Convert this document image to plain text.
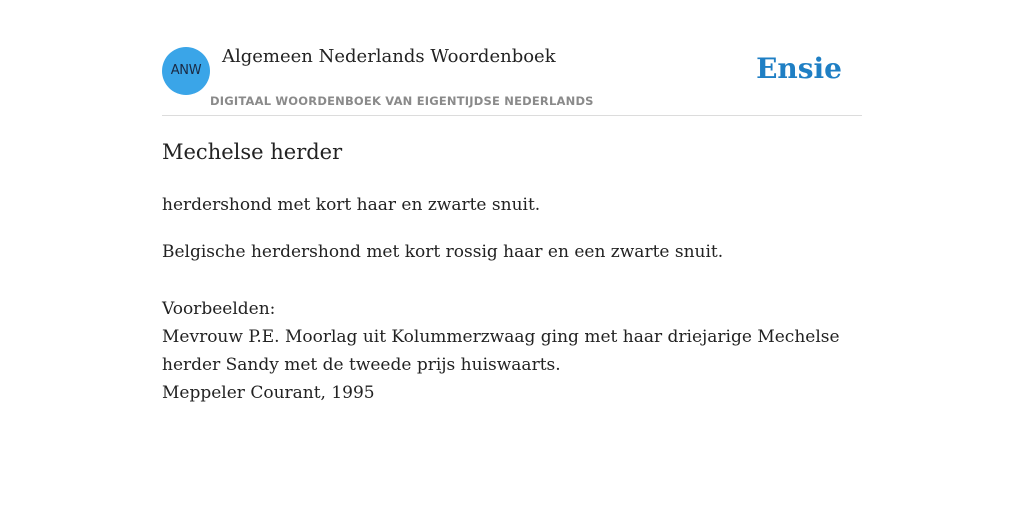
ANW
Algemeen Nederlands Woordenboek
DIGITAAL WOORDENBOEK VAN EIGENTIJDSE NEDERLANDS
Ensie
Mechelse herder
herdershond met kort haar en zwarte snuit.
Belgische herdershond met kort rossig haar en een zwarte snuit.
Voorbeelden:
Mevrouw P.E. Moorlag uit Kolummerzwaag ging met haar driejarige Mechelse
herder Sandy met de tweede prijs huiswaarts.
Meppeler Courant, 1995
